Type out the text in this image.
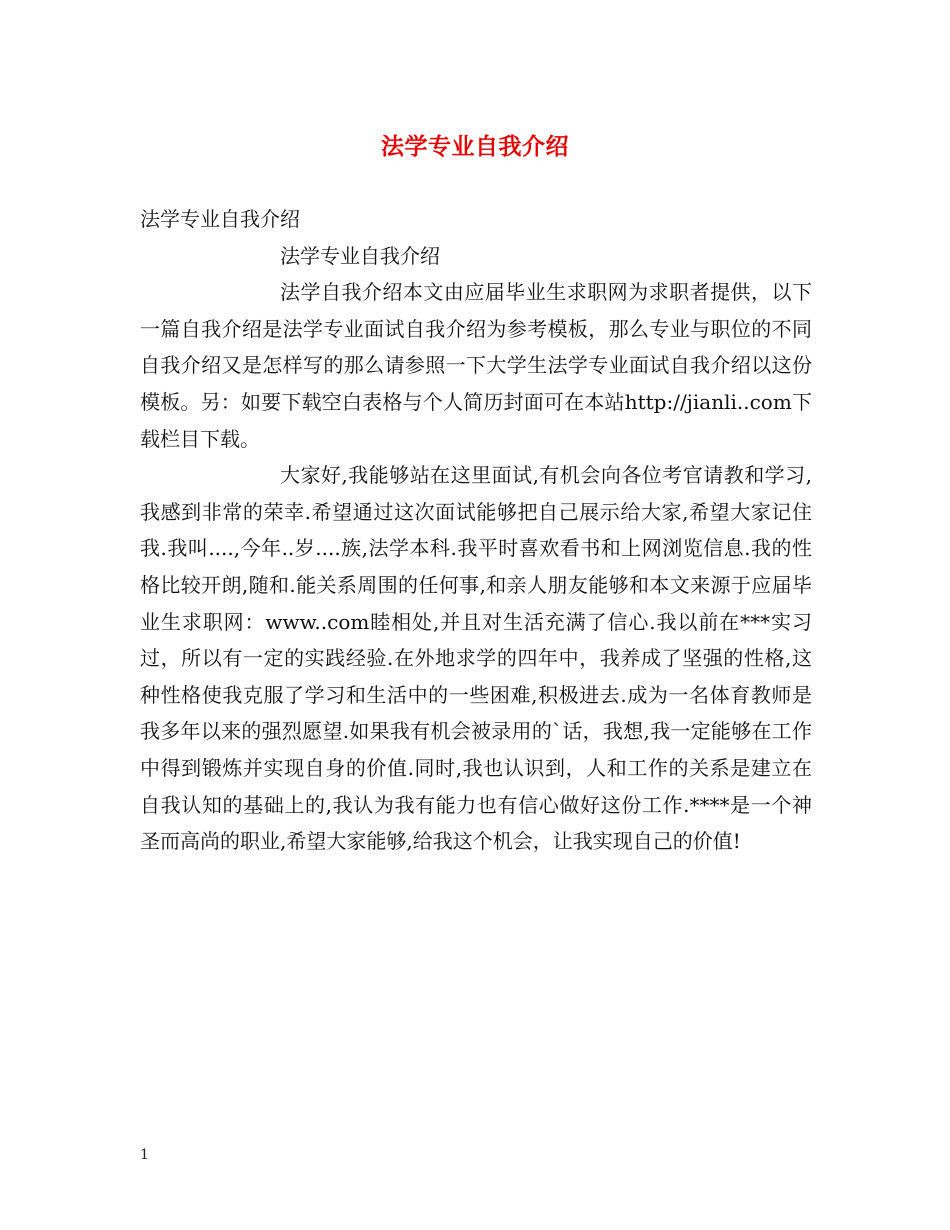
法学专业自我介绍

法学专业自我介绍

法学专业自我介绍

法学自我介绍本文由应届毕业生求职网为求职者提供，以下一篇自我介绍是法学专业面试自我介绍为参考模板，那么专业与职位的不同自我介绍又是怎样写的那么请参照一下大学生法学专业面试自我介绍以这份模板。另：如要下载空白表格与个人简历封面可在本站http://jianli..com下载栏目下载。

大家好,我能够站在这里面试,有机会向各位考官请教和学习,我感到非常的荣幸.希望通过这次面试能够把自己展示给大家,希望大家记住我.我叫....,今年..岁....族,法学本科.我平时喜欢看书和上网浏览信息.我的性格比较开朗,随和.能关系周围的任何事,和亲人朋友能够和本文来源于应届毕业生求职网：www..com睦相处,并且对生活充满了信心.我以前在***实习过，所以有一定的实践经验.在外地求学的四年中，我养成了坚强的性格,这种性格使我克服了学习和生活中的一些困难,积极进去.成为一名体育教师是我多年以来的强烈愿望.如果我有机会被录用的`话，我想,我一定能够在工作中得到锻炼并实现自身的价值.同时,我也认识到，人和工作的关系是建立在自我认知的基础上的,我认为我有能力也有信心做好这份工作.****是一个神圣而高尚的职业,希望大家能够,给我这个机会，让我实现自己的价值!

1
